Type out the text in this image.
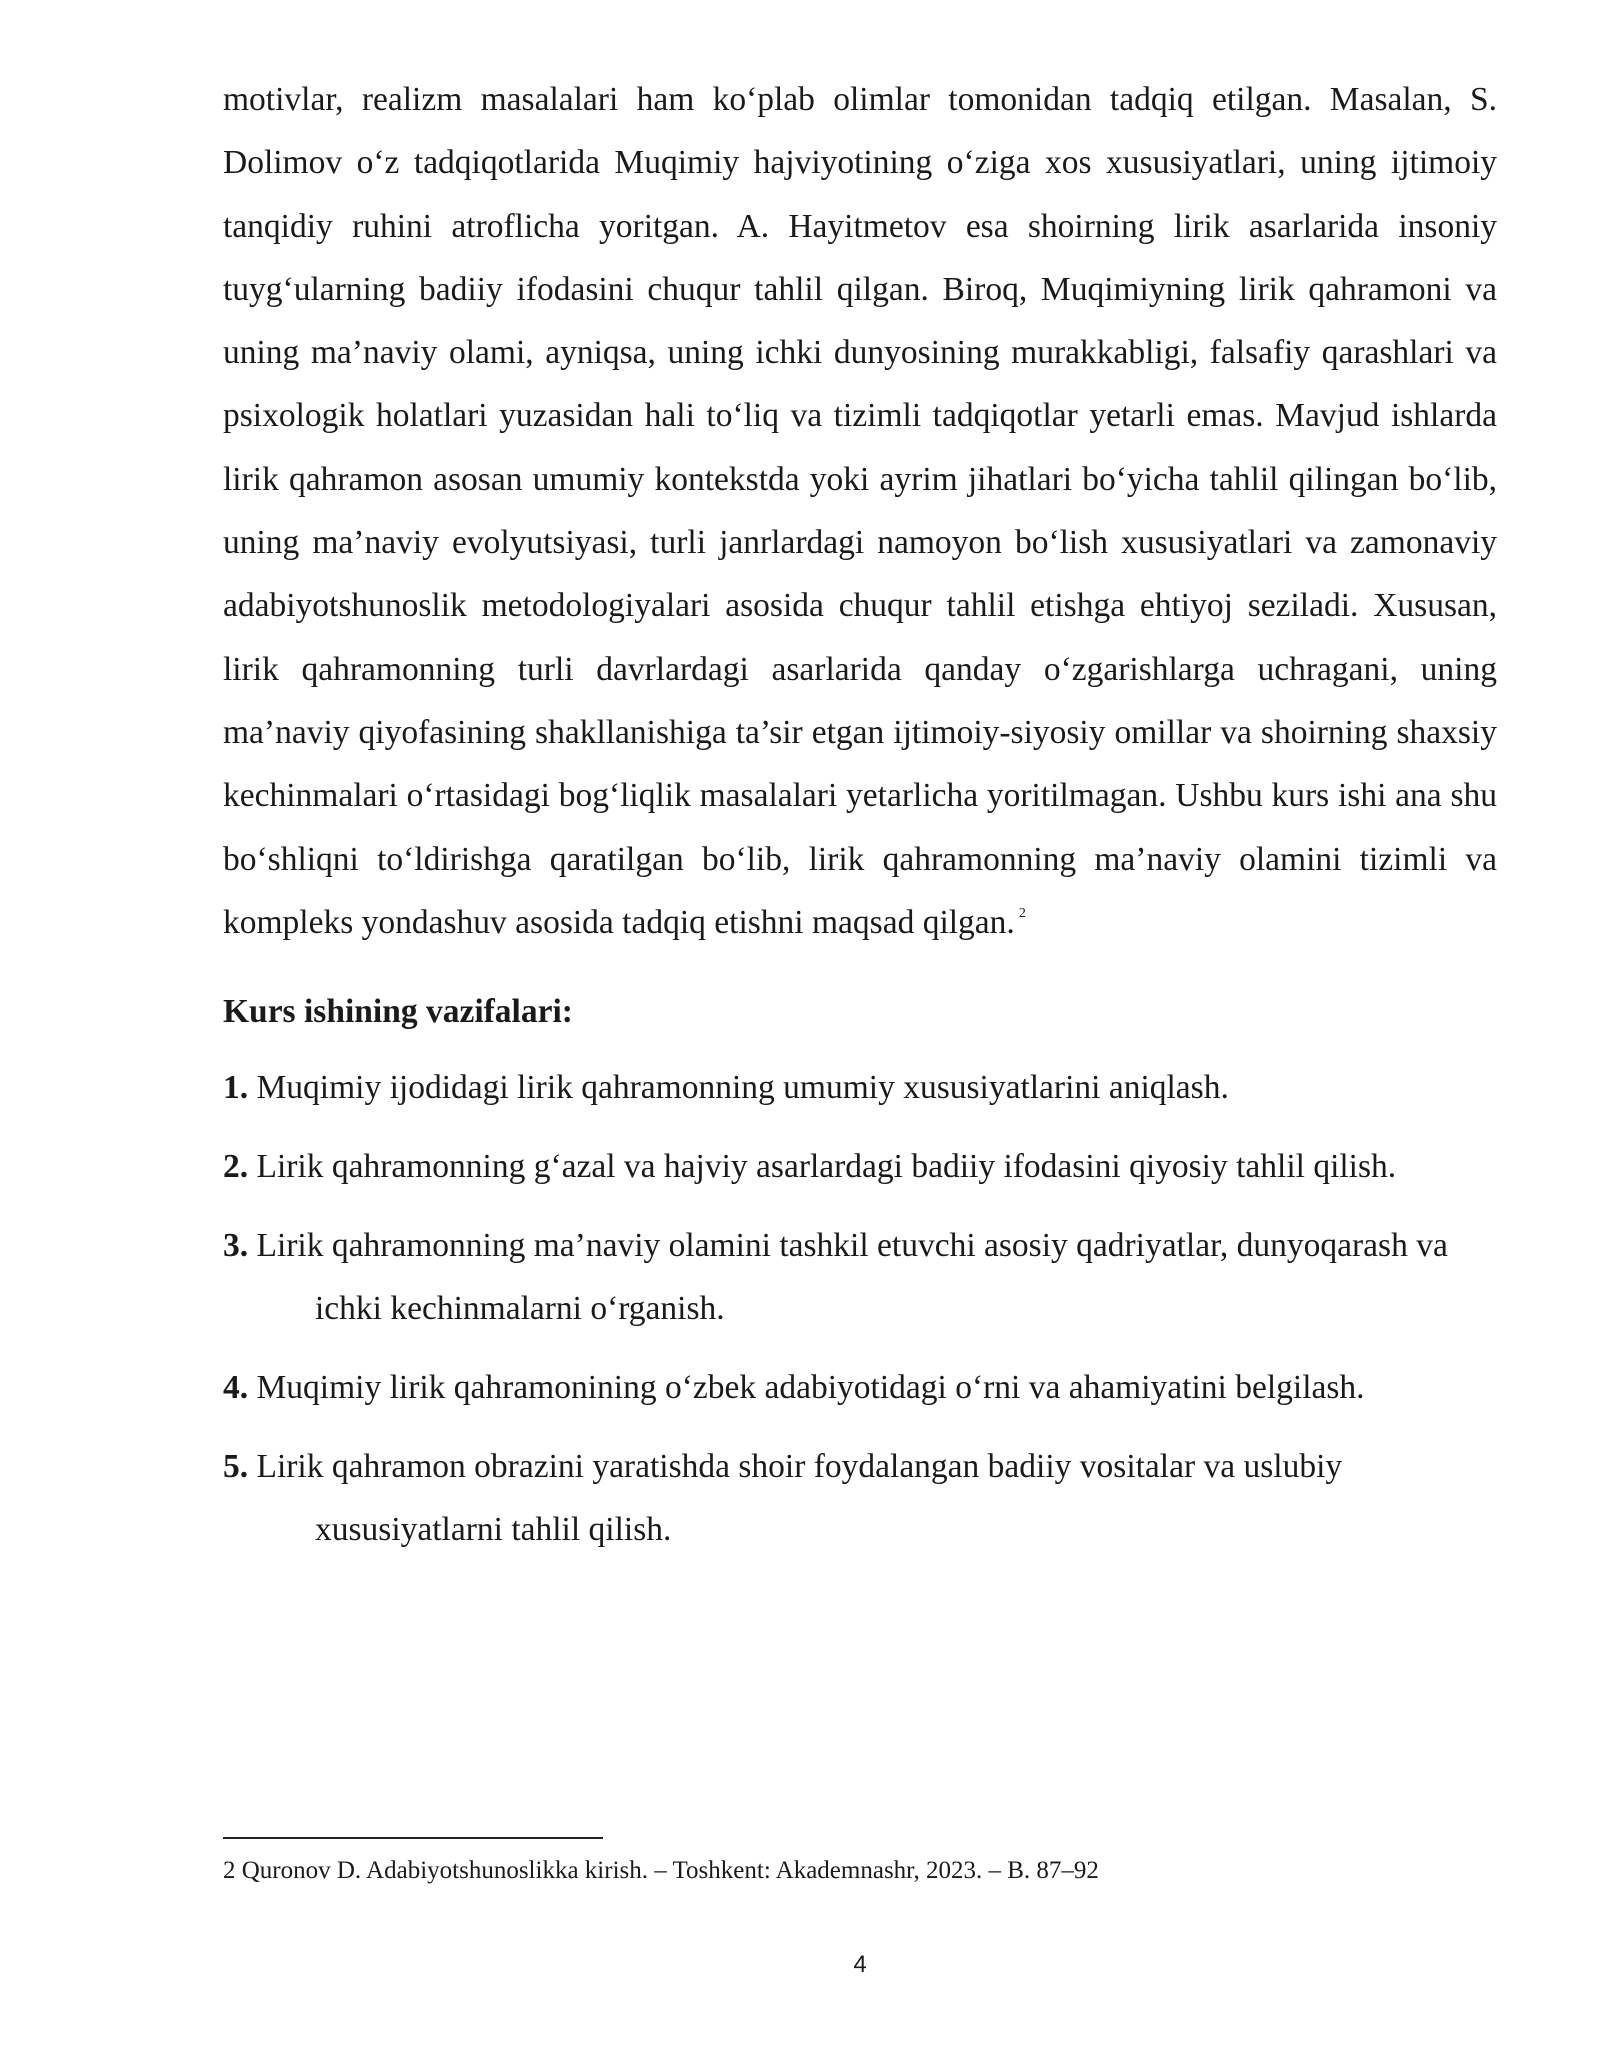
motivlar, realizm masalalari ham ko‘plab olimlar tomonidan tadqiq etilgan. Masalan, S. Dolimov o‘z tadqiqotlarida Muqimiy hajviyotining o‘ziga xos xususiyatlari, uning ijtimoiy tanqidiy ruhini atroflicha yoritgan. A. Hayitmetov esa shoirning lirik asarlarida insoniy tuyg‘ularning badiiy ifodasini chuqur tahlil qilgan. Biroq, Muqimiyning lirik qahramoni va uning ma’naviy olami, ayniqsa, uning ichki dunyosining murakkabligi, falsafiy qarashlari va psixologik holatlari yuzasidan hali to‘liq va tizimli tadqiqotlar yetarli emas. Mavjud ishlarda lirik qahramon asosan umumiy kontekstda yoki ayrim jihatlari bo‘yicha tahlil qilingan bo‘lib, uning ma’naviy evolyutsiyasi, turli janrlardagi namoyon bo‘lish xususiyatlari va zamonaviy adabiyotshunoslik metodologiyalari asosida chuqur tahlil etishga ehtiyoj seziladi. Xususan, lirik qahramonning turli davrlardagi asarlarida qanday o‘zgarishlarga uchragani, uning ma’naviy qiyofasining shakllanishiga ta’sir etgan ijtimoiy-siyosiy omillar va shoirning shaxsiy kechinmalari o‘rtasidagi bog‘liqlik masalalari yetarlicha yoritilmagan. Ushbu kurs ishi ana shu bo‘shliqni to‘ldirishga qaratilgan bo‘lib, lirik qahramonning ma’naviy olamini tizimli va kompleks yondashuv asosida tadqiq etishni maqsad qilgan. $^2$

Kurs ishining vazifalari:
1. Muqimiy ijodidagi lirik qahramonning umumiy xususiyatlarini aniqlash.
2. Lirik qahramonning g‘azal va hajviy asarlardagi badiiy ifodasini qiyosiy tahlil qilish.
3. Lirik qahramonning ma’naviy olamini tashkil etuvchi asosiy qadriyatlar, dunyoqarash va ichki kechinmalarni o‘rganish.
4. Muqimiy lirik qahramonining o‘zbek adabiyotidagi o‘rni va ahamiyatini belgilash.
5. Lirik qahramon obrazini yaratishda shoir foydalangan badiiy vositalar va uslubiy xususiyatlarni tahlil qilish.

2 Quronov D. Adabiyotshunoslikka kirish. – Toshkent: Akademnashr, 2023. – B. 87–92

4
